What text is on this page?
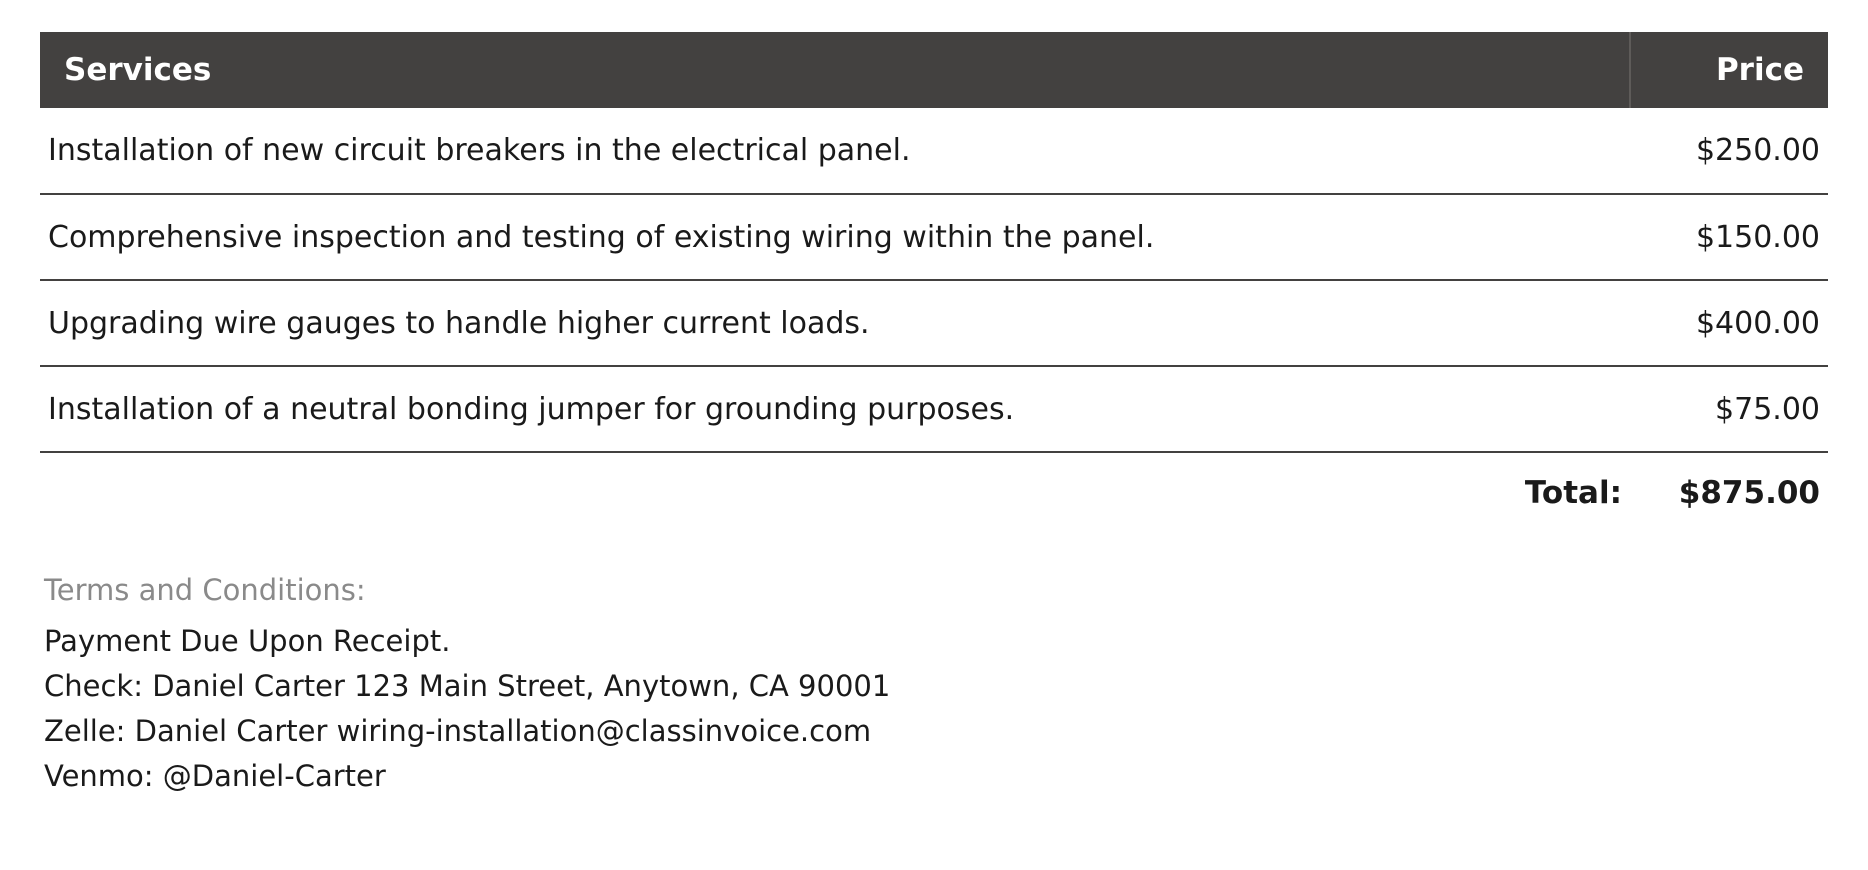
Services	Price
Installation of new circuit breakers in the electrical panel.	$250.00
Comprehensive inspection and testing of existing wiring within the panel.	$150.00
Upgrading wire gauges to handle higher current loads.	$400.00
Installation of a neutral bonding jumper for grounding purposes.	$75.00
Total:	$875.00
Terms and Conditions:
Payment Due Upon Receipt.
Check: Daniel Carter 123 Main Street, Anytown, CA 90001
Zelle: Daniel Carter wiring-installation@classinvoice.com
Venmo: @Daniel-Carter
